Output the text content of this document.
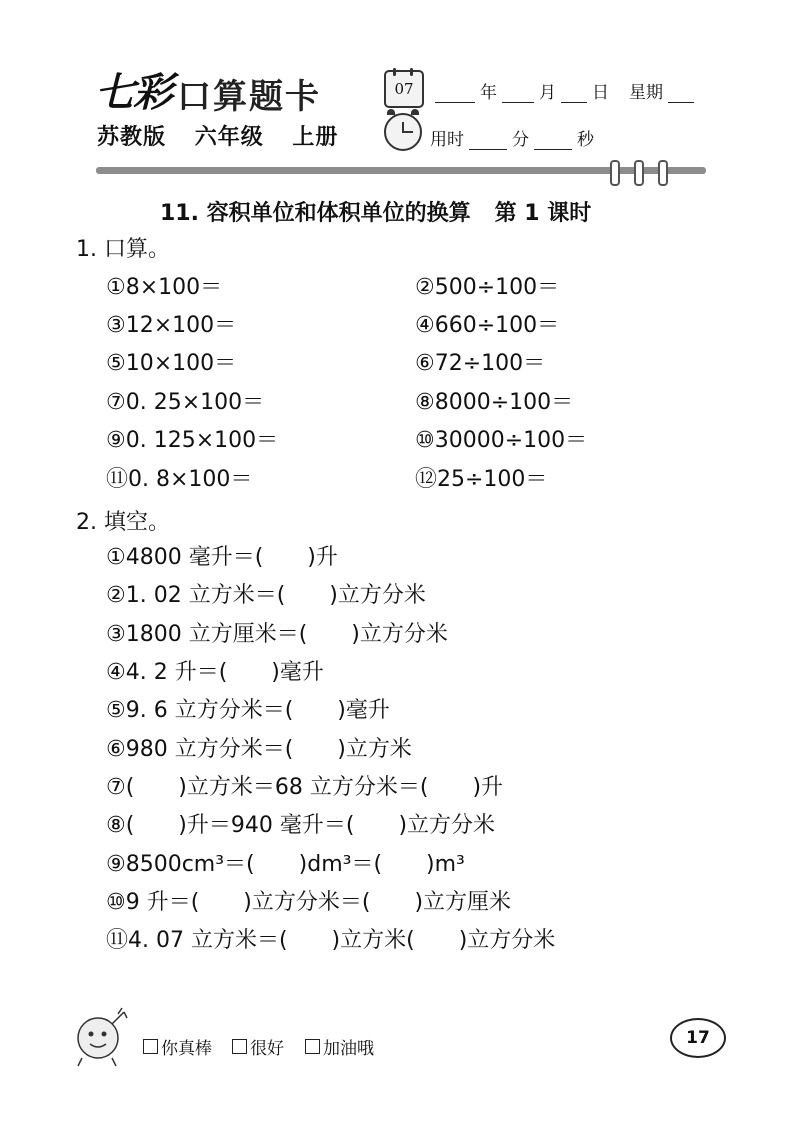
七彩 口算题卡
苏教版 六年级 上册
07	年 月 日 星期
用时	分	秒
11. 容积单位和体积单位的换算 第 1 课时
1. 口算。
①8×100＝	②500÷100＝
③12×100＝	④660÷100＝
⑤10×100＝	⑥72÷100＝
⑦0. 25×100＝	⑧8000÷100＝
⑨0. 125×100＝	⑩30000÷100＝
⑪0. 8×100＝	⑫25÷100＝
2. 填空。
①4800 毫升＝(　　)升
②1. 02 立方米＝(　　)立方分米
③1800 立方厘米＝(　　)立方分米
④4. 2 升＝(　　)毫升
⑤9. 6 立方分米＝(　　)毫升
⑥980 立方分米＝(　　)立方米
⑦(　　)立方米＝68 立方分米＝(　　)升
⑧(　　)升＝940 毫升＝(　　)立方分米
⑨8500cm³＝(　　)dm³＝(　　)m³
⑩9 升＝(　　)立方分米＝(　　)立方厘米
⑪4. 07 立方米＝(　　)立方米(　　)立方分米
你真棒 很好 加油哦
17
